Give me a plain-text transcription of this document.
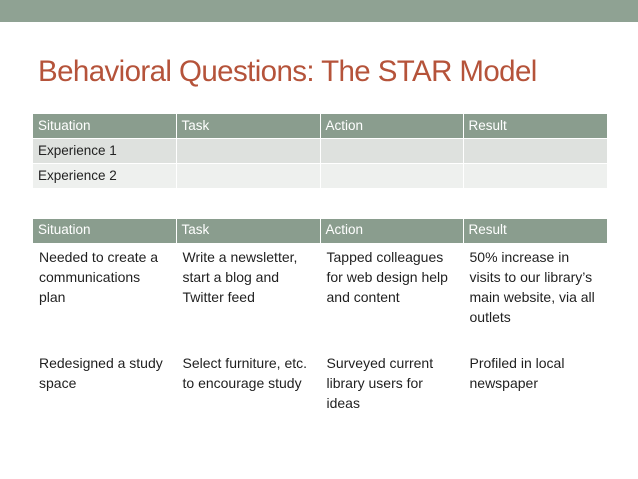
Behavioral Questions: The STAR Model
Situation	Task	Action	Result
Experience 1			
Experience 2			
Situation	Task	Action	Result
Needed to create a communications plan	Write a newsletter, start a blog and Twitter feed	Tapped colleagues for web design help and content	50% increase in visits to our library’s main website, via all outlets
Redesigned a study space	Select furniture, etc. to encourage study	Surveyed current library users for ideas	Profiled in local newspaper
